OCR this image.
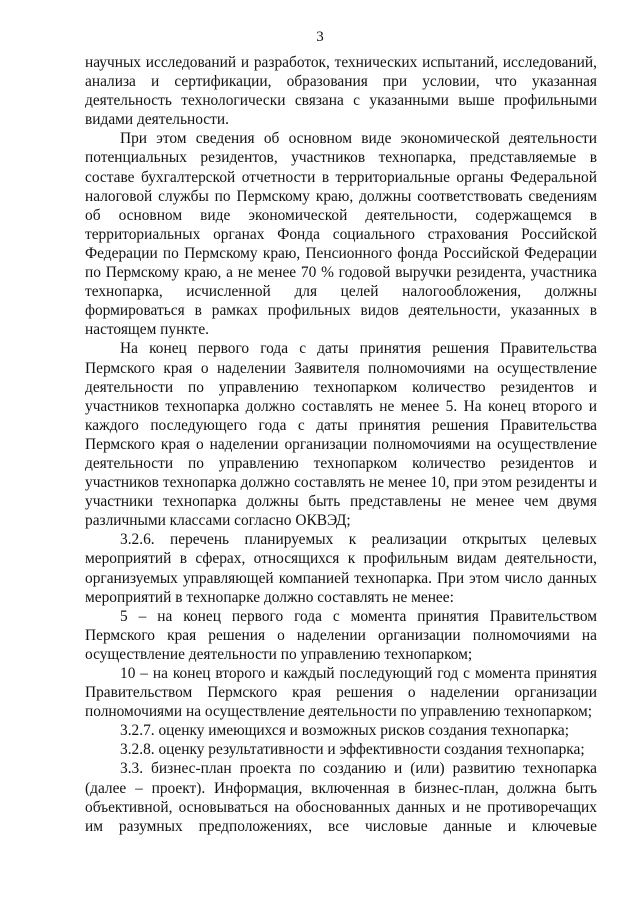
3

научных исследований и разработок, технических испытаний, исследований, анализа и сертификации, образования при условии, что указанная деятельность технологически связана с указанными выше профильными видами деятельности.

При этом сведения об основном виде экономической деятельности потенциальных резидентов, участников технопарка, представляемые в составе бухгалтерской отчетности в территориальные органы Федеральной налоговой службы по Пермскому краю, должны соответствовать сведениям об основном виде экономической деятельности, содержащемся в территориальных органах Фонда социального страхования Российской Федерации по Пермскому краю, Пенсионного фонда Российской Федерации по Пермскому краю, а не менее 70 % годовой выручки резидента, участника технопарка, исчисленной для целей налогообложения, должны формироваться в рамках профильных видов деятельности, указанных в настоящем пункте.

На конец первого года с даты принятия решения Правительства Пермского края о наделении Заявителя полномочиями на осуществление деятельности по управлению технопарком количество резидентов и участников технопарка должно составлять не менее 5. На конец второго и каждого последующего года с даты принятия решения Правительства Пермского края о наделении организации полномочиями на осуществление деятельности по управлению технопарком количество резидентов и участников технопарка должно составлять не менее 10, при этом резиденты и участники технопарка должны быть представлены не менее чем двумя различными классами согласно ОКВЭД;

3.2.6. перечень планируемых к реализации открытых целевых мероприятий в сферах, относящихся к профильным видам деятельности, организуемых управляющей компанией технопарка. При этом число данных мероприятий в технопарке должно составлять не менее:

5 – на конец первого года с момента принятия Правительством Пермского края решения о наделении организации полномочиями на осуществление деятельности по управлению технопарком;

10 – на конец второго и каждый последующий год с момента принятия Правительством Пермского края решения о наделении организации полномочиями на осуществление деятельности по управлению технопарком;

3.2.7. оценку имеющихся и возможных рисков создания технопарка;

3.2.8. оценку результативности и эффективности создания технопарка;

3.3. бизнес-план проекта по созданию и (или) развитию технопарка (далее – проект). Информация, включенная в бизнес-план, должна быть объективной, основываться на обоснованных данных и не противоречащих им разумных предположениях, все числовые данные и ключевые
